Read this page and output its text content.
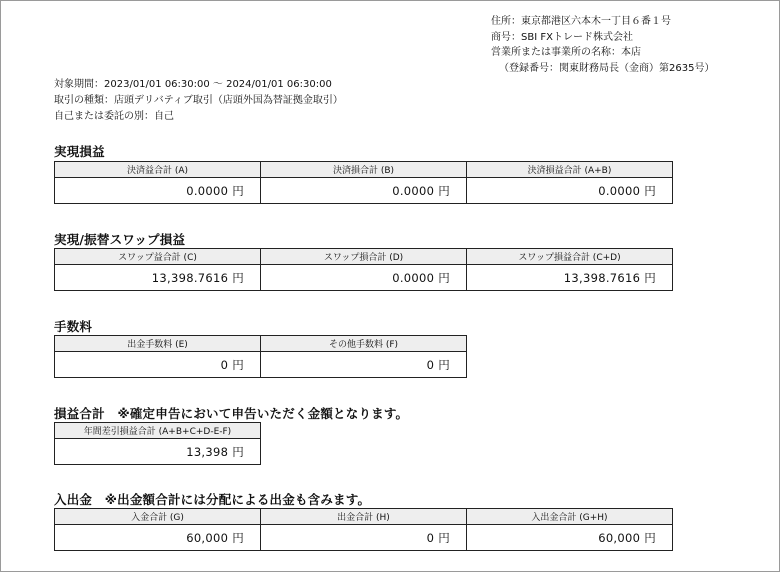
住所：東京都港区六本木一丁目６番１号
商号：SBI FXトレード株式会社
営業所または事業所の名称：本店
（登録番号：関東財務局長（金商）第2635号）
対象期間：2023/01/01 06:30:00 ～ 2024/01/01 06:30:00
取引の種類：店頭デリバティブ取引（店頭外国為替証拠金取引）
自己または委託の別：自己
実現損益
決済益合計 (A)	決済損合計 (B)	決済損益合計 (A+B)
0.0000 円	0.0000 円	0.0000 円
実現/振替スワップ損益
スワップ益合計 (C)	スワップ損合計 (D)	スワップ損益合計 (C+D)
13,398.7616 円	0.0000 円	13,398.7616 円
手数料
出金手数料 (E)	その他手数料 (F)
0 円	0 円
損益合計　※確定申告において申告いただく金額となります。
年間差引損益合計 (A+B+C+D-E-F)
13,398 円
入出金　※出金額合計には分配による出金も含みます。
入金合計 (G)	出金合計 (H)	入出金合計 (G+H)
60,000 円	0 円	60,000 円
